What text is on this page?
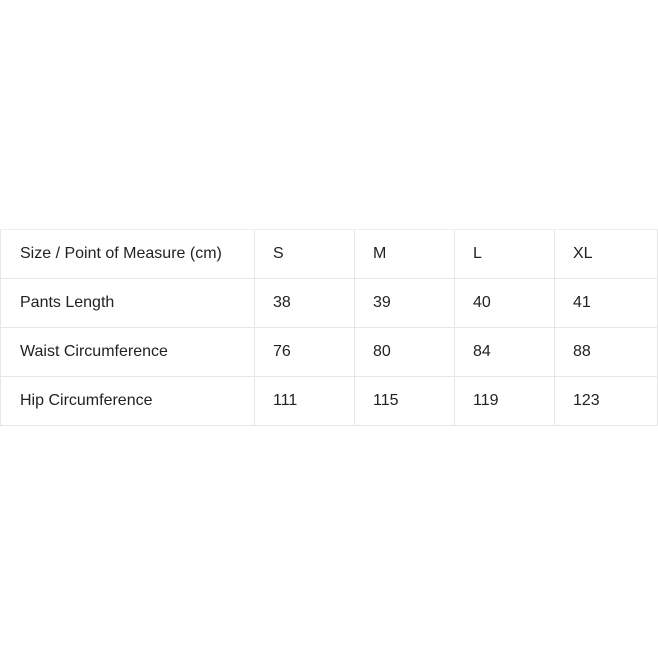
Size / Point of Measure (cm)	S	M	L	XL
Pants Length	38	39	40	41
Waist Circumference	76	80	84	88
Hip Circumference	111	115	119	123
